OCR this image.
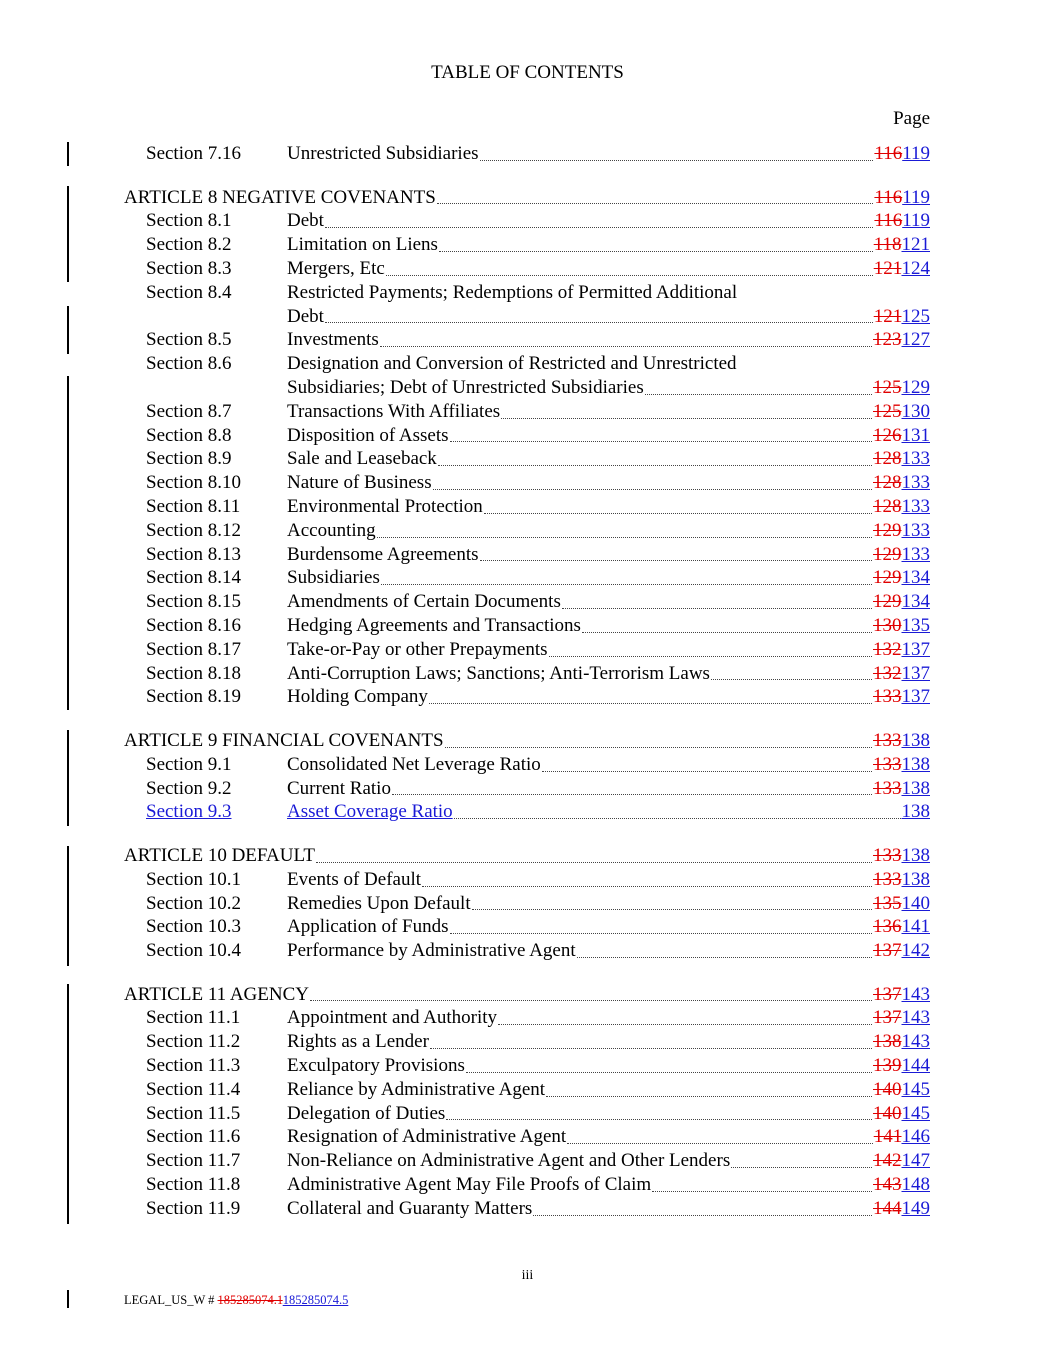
TABLE OF CONTENTS
Page
Section 7.16 Unrestricted Subsidiaries	116119
ARTICLE 8 NEGATIVE COVENANTS	116119
Section 8.1	Debt	116119
Section 8.2	Limitation on Liens	118121
Section 8.3	Mergers, Etc	121124
Section 8.4	Restricted Payments; Redemptions of Permitted Additional
Debt	121125
Section 8.5	Investments	123127
Section 8.6	Designation and Conversion of Restricted and Unrestricted
Subsidiaries; Debt of Unrestricted Subsidiaries	125129
Section 8.7	Transactions With Affiliates	125130
Section 8.8	Disposition of Assets	126131
Section 8.9	Sale and Leaseback	128133
Section 8.10 Nature of Business	128133
Section 8.11 Environmental Protection	128133
Section 8.12 Accounting	129133
Section 8.13 Burdensome Agreements	129133
Section 8.14 Subsidiaries	129134
Section 8.15 Amendments of Certain Documents	129134
Section 8.16 Hedging Agreements and Transactions	130135
Section 8.17 Take-or-Pay or other Prepayments	132137
Section 8.18 Anti-Corruption Laws; Sanctions; Anti-Terrorism Laws	132137
Section 8.19 Holding Company	133137
ARTICLE 9 FINANCIAL COVENANTS	133138
Section 9.1	Consolidated Net Leverage Ratio	133138
Section 9.2	Current Ratio	133138
Section 9.3	Asset Coverage Ratio	138
ARTICLE 10 DEFAULT	133138
Section 10.1 Events of Default	133138
Section 10.2 Remedies Upon Default	135140
Section 10.3 Application of Funds	136141
Section 10.4 Performance by Administrative Agent	137142
ARTICLE 11 AGENCY	137143
Section 11.1 Appointment and Authority	137143
Section 11.2 Rights as a Lender	138143
Section 11.3 Exculpatory Provisions	139144
Section 11.4 Reliance by Administrative Agent	140145
Section 11.5 Delegation of Duties	140145
Section 11.6 Resignation of Administrative Agent	141146
Section 11.7 Non-Reliance on Administrative Agent and Other Lenders	142147
Section 11.8 Administrative Agent May File Proofs of Claim	143148
Section 11.9 Collateral and Guaranty Matters	144149
iii
LEGAL_US_W # 185285074.1185285074.5
